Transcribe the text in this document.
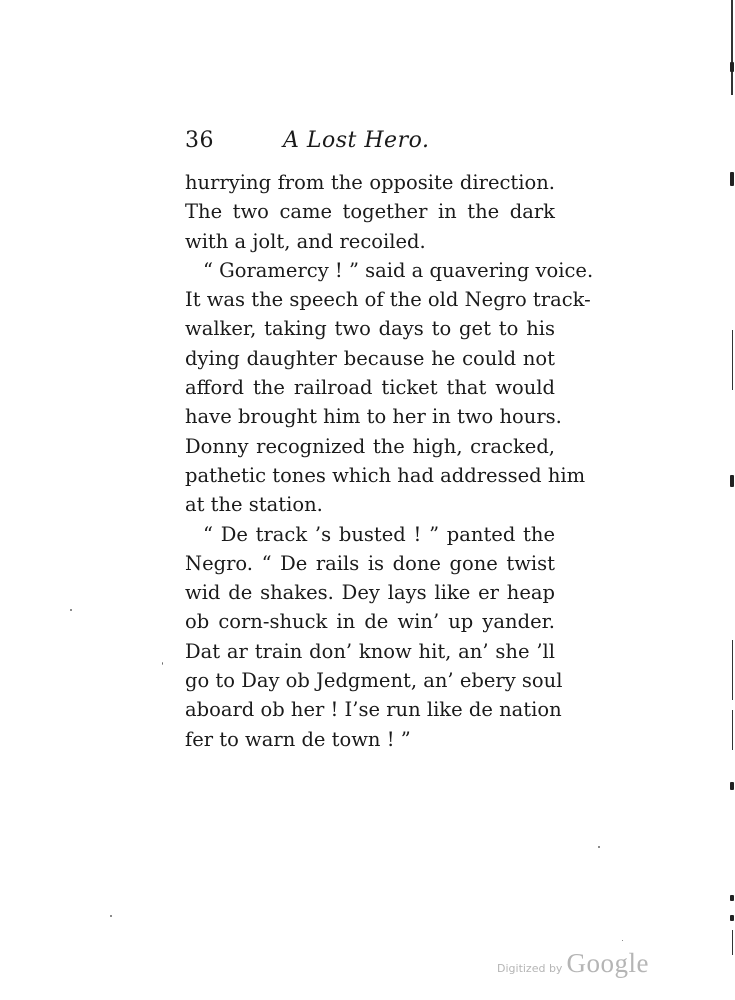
36	A Lost Hero.
hurrying from the opposite direction.
The two came together in the dark
with a jolt, and recoiled.
“ Goramercy ! ” said a quavering voice.
It was the speech of the old Negro track-
walker, taking two days to get to his
dying daughter because he could not
afford the railroad ticket that would
have brought him to her in two hours.
Donny recognized the high, cracked,
pathetic tones which had addressed him
at the station.
“ De track ’s busted ! ” panted the
Negro. “ De rails is done gone twist
wid de shakes. Dey lays like er heap
ob corn-shuck in de win’ up yander.
Dat ar train don’ know hit, an’ she ’ll
go to Day ob Jedgment, an’ ebery soul
aboard ob her ! I’se run like de nation
fer to warn de town ! ”
Digitized by Google
